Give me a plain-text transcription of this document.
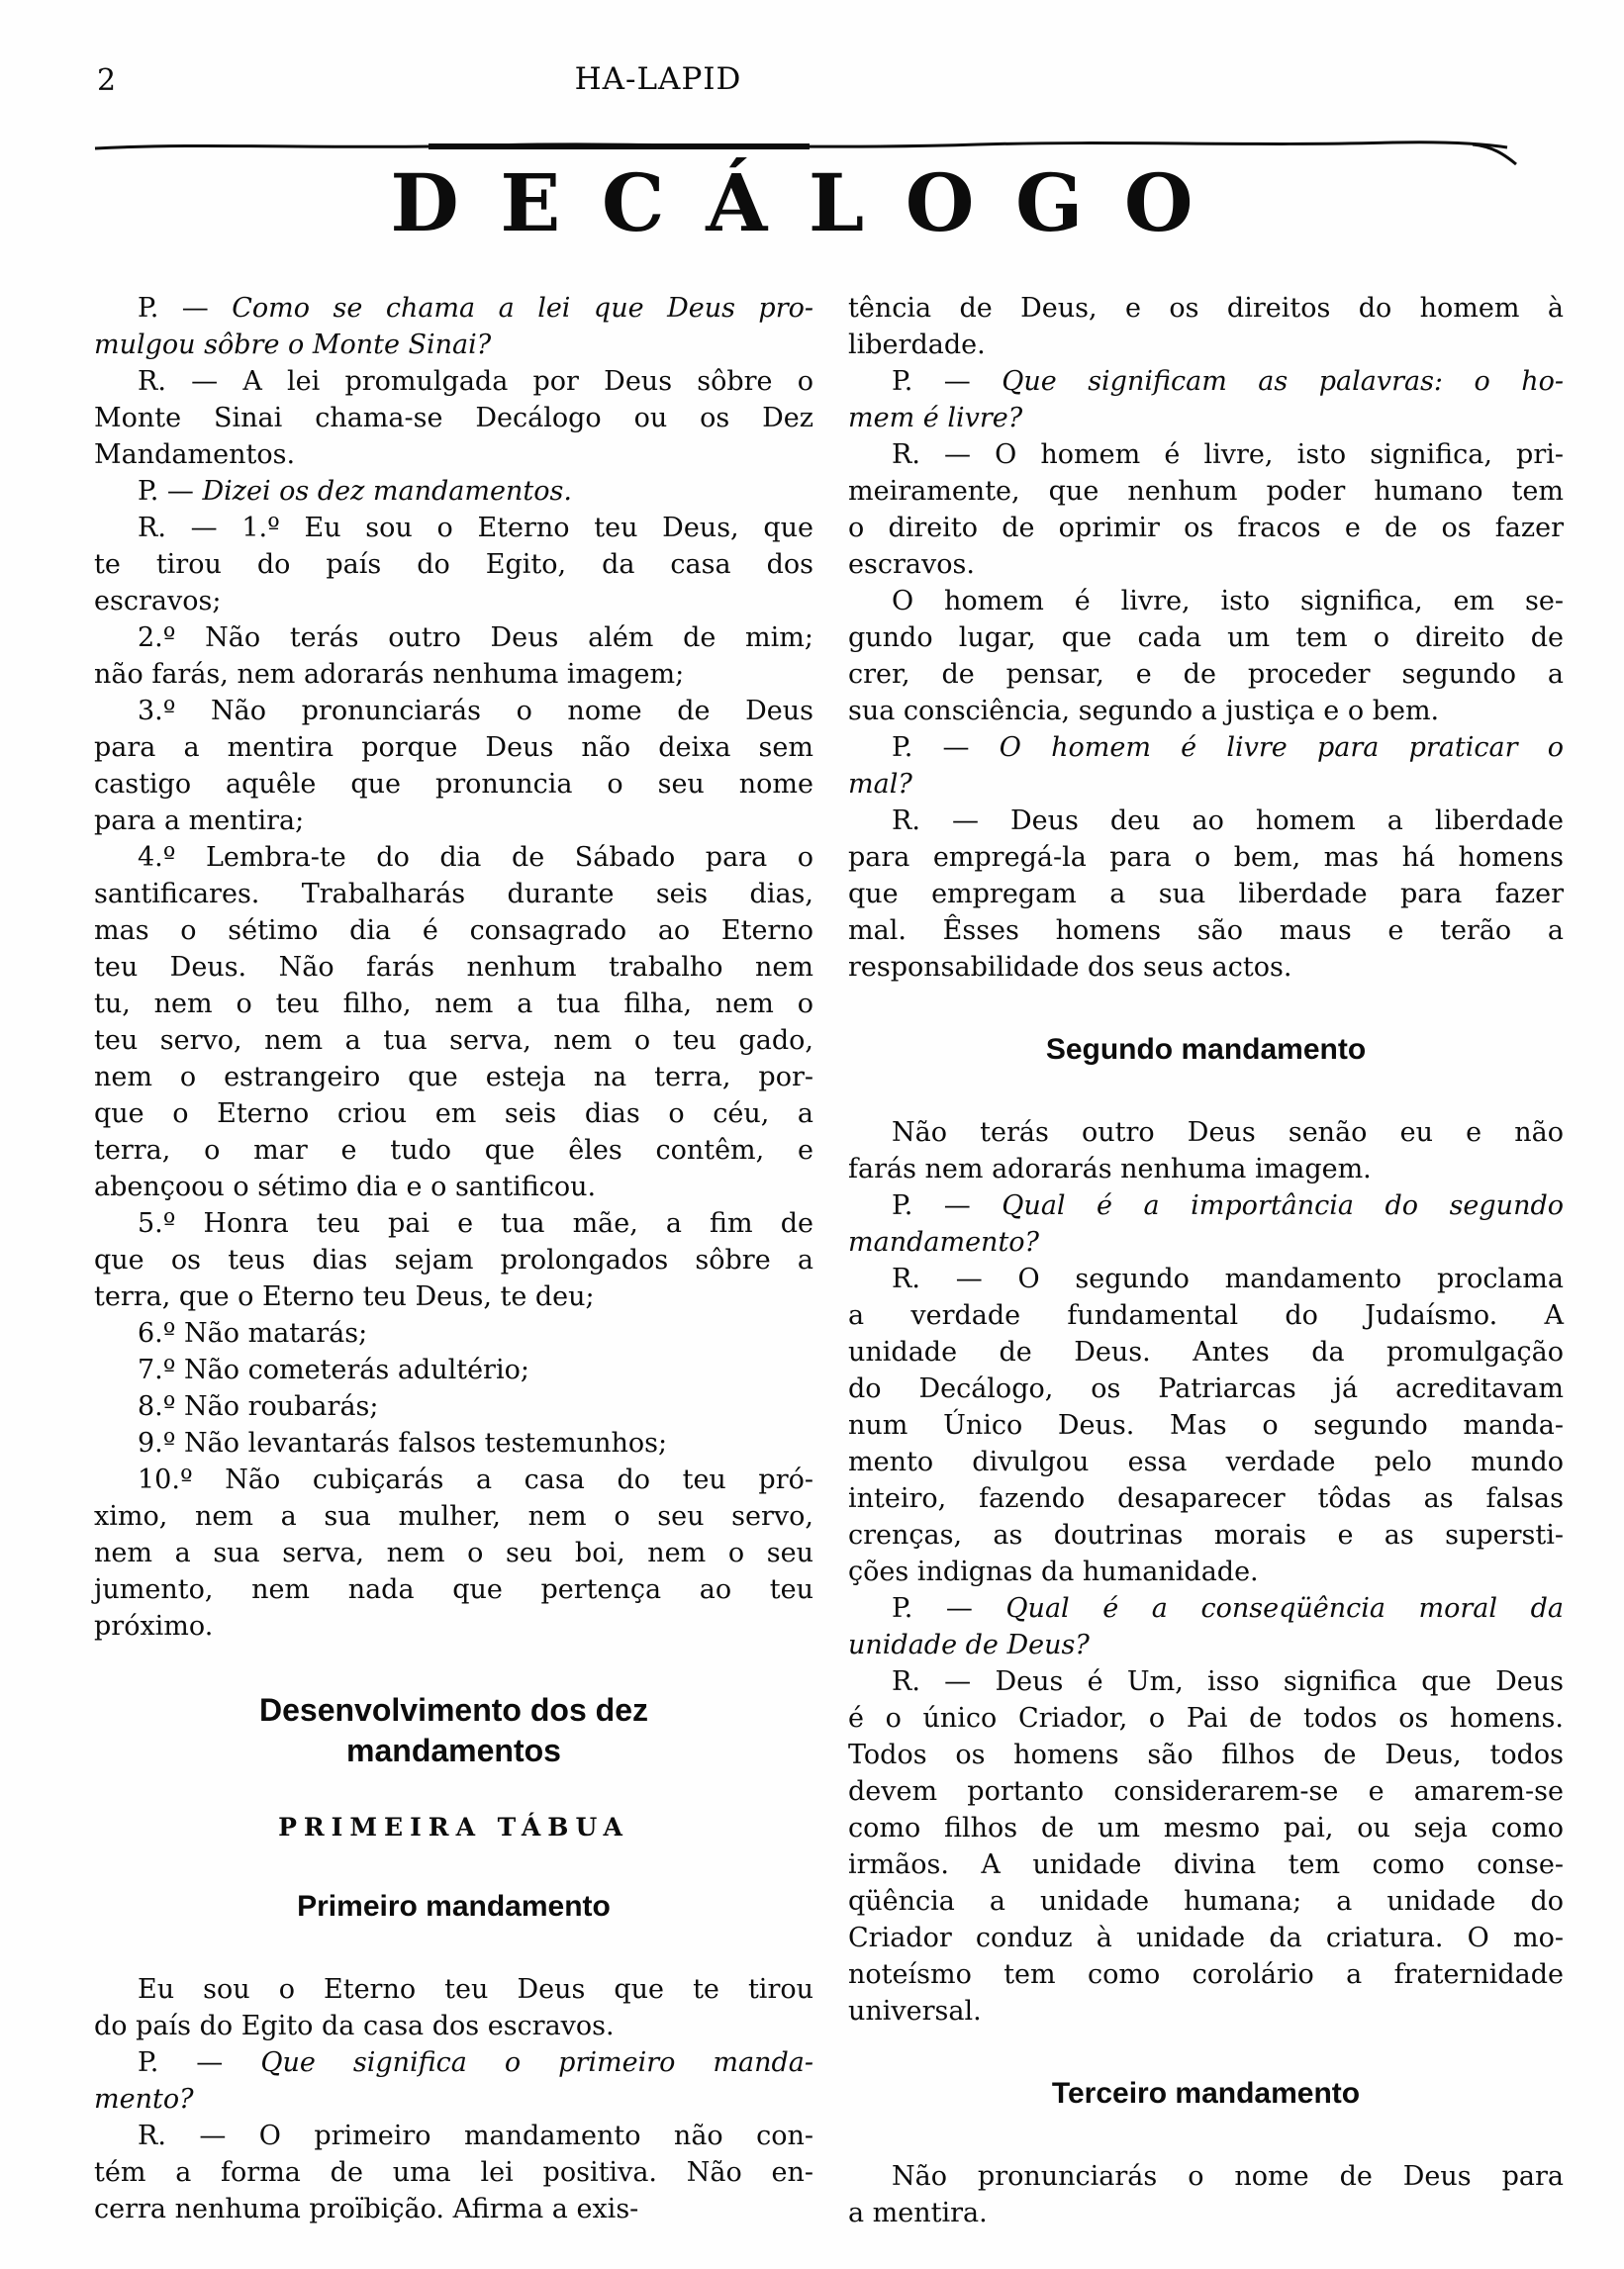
2	HA-LAPID
DECÁLOGO
P. — Como se chama a lei que Deus pro-
mulgou sôbre o Monte Sinai?
R. — A lei promulgada por Deus sôbre o
Monte Sinai chama-se Decálogo ou os Dez
Mandamentos.
P. — Dizei os dez mandamentos.
R. — 1.º Eu sou o Eterno teu Deus, que
te tirou do país do Egito, da casa dos
escravos;
2.º Não terás outro Deus além de mim;
não farás, nem adorarás nenhuma imagem;
3.º Não pronunciarás o nome de Deus
para a mentira porque Deus não deixa sem
castigo aquêle que pronuncia o seu nome
para a mentira;
4.º Lembra-te do dia de Sábado para o
santificares. Trabalharás durante seis dias,
mas o sétimo dia é consagrado ao Eterno
teu Deus. Não farás nenhum trabalho nem
tu, nem o teu filho, nem a tua filha, nem o
teu servo, nem a tua serva, nem o teu gado,
nem o estrangeiro que esteja na terra, por-
que o Eterno criou em seis dias o céu, a
terra, o mar e tudo que êles contêm, e
abençoou o sétimo dia e o santificou.
5.º Honra teu pai e tua mãe, a fim de
que os teus dias sejam prolongados sôbre a
terra, que o Eterno teu Deus, te deu;
6.º Não matarás;
7.º Não cometerás adultério;
8.º Não roubarás;
9.º Não levantarás falsos testemunhos;
10.º Não cubiçarás a casa do teu pró-
ximo, nem a sua mulher, nem o seu servo,
nem a sua serva, nem o seu boi, nem o seu
jumento, nem nada que pertença ao teu
próximo.
Desenvolvimento dos dez
mandamentos
PRIMEIRA TÁBUA
Primeiro mandamento
Eu sou o Eterno teu Deus que te tirou
do país do Egito da casa dos escravos.
P. — Que significa o primeiro manda-
mento?
R. — O primeiro mandamento não con-
tém a forma de uma lei positiva. Não en-
cerra nenhuma proïbição. Afirma a exis-
tência de Deus, e os direitos do homem à
liberdade.
P. — Que significam as palavras: o ho-
mem é livre?
R. — O homem é livre, isto significa, pri-
meiramente, que nenhum poder humano tem
o direito de oprimir os fracos e de os fazer
escravos.
O homem é livre, isto significa, em se-
gundo lugar, que cada um tem o direito de
crer, de pensar, e de proceder segundo a
sua consciência, segundo a justiça e o bem.
P. — O homem é livre para praticar o
mal?
R. — Deus deu ao homem a liberdade
para empregá-la para o bem, mas há homens
que empregam a sua liberdade para fazer
mal. Êsses homens são maus e terão a
responsabilidade dos seus actos.
Segundo mandamento
Não terás outro Deus senão eu e não
farás nem adorarás nenhuma imagem.
P. — Qual é a importância do segundo
mandamento?
R. — O segundo mandamento proclama
a verdade fundamental do Judaísmo. A
unidade de Deus. Antes da promulgação
do Decálogo, os Patriarcas já acreditavam
num Único Deus. Mas o segundo manda-
mento divulgou essa verdade pelo mundo
inteiro, fazendo desaparecer tôdas as falsas
crenças, as doutrinas morais e as supersti-
ções indignas da humanidade.
P. — Qual é a conseqüência moral da
unidade de Deus?
R. — Deus é Um, isso significa que Deus
é o único Criador, o Pai de todos os homens.
Todos os homens são filhos de Deus, todos
devem portanto considerarem-se e amarem-se
como filhos de um mesmo pai, ou seja como
irmãos. A unidade divina tem como conse-
qüência a unidade humana; a unidade do
Criador conduz à unidade da criatura. O mo-
noteísmo tem como corolário a fraternidade
universal.
Terceiro mandamento
Não pronunciarás o nome de Deus para
a mentira.
